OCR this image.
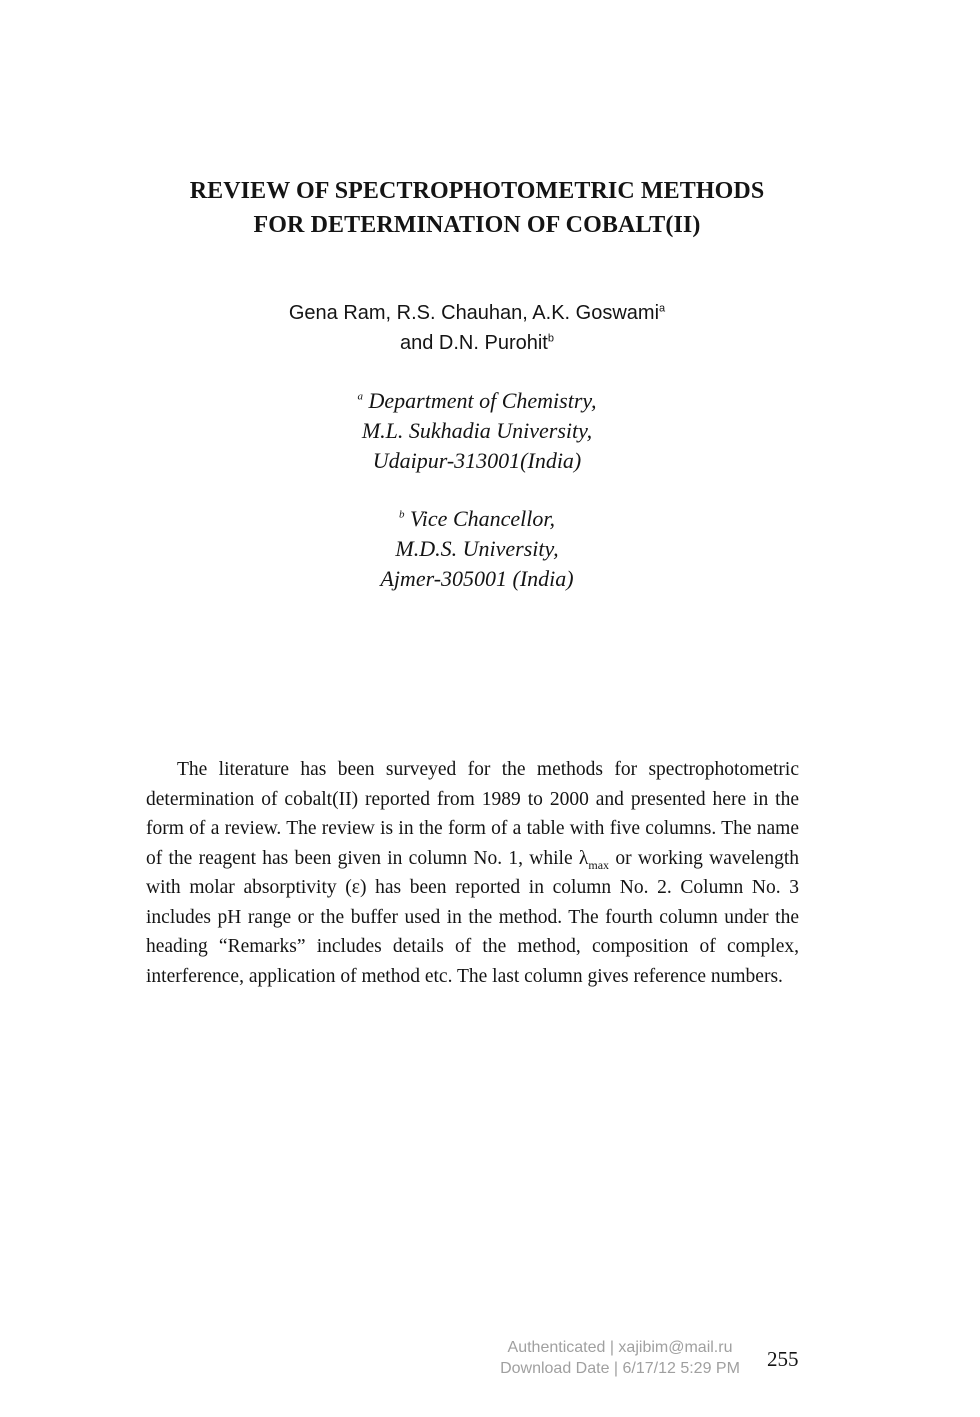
REVIEW OF SPECTROPHOTOMETRIC METHODS
FOR DETERMINATION OF COBALT(II)
Gena Ram, R.S. Chauhan, A.K. Goswami$^a$
and D.N. Purohit$^b$
$^a$ Department of Chemistry,
M.L. Sukhadia University,
Udaipur-313001(India)
$^b$ Vice Chancellor,
M.D.S. University,
Ajmer-305001 (India)

The literature has been surveyed for the methods for spectrophotometric determination of cobalt(II) reported from 1989 to 2000 and presented here in the form of a review. The review is in the form of a table with five columns. The name of the reagent has been given in column No. 1, while $\lambda_{max}$ or working wavelength with molar absorptivity (ε) has been reported in column No. 2. Column No. 3 includes pH range or the buffer used in the method. The fourth column under the heading “Remarks” includes details of the method, composition of complex, interference, application of method etc. The last column gives reference numbers.

Authenticated | xajibim@mail.ru
Download Date | 6/17/12 5:29 PM	255
